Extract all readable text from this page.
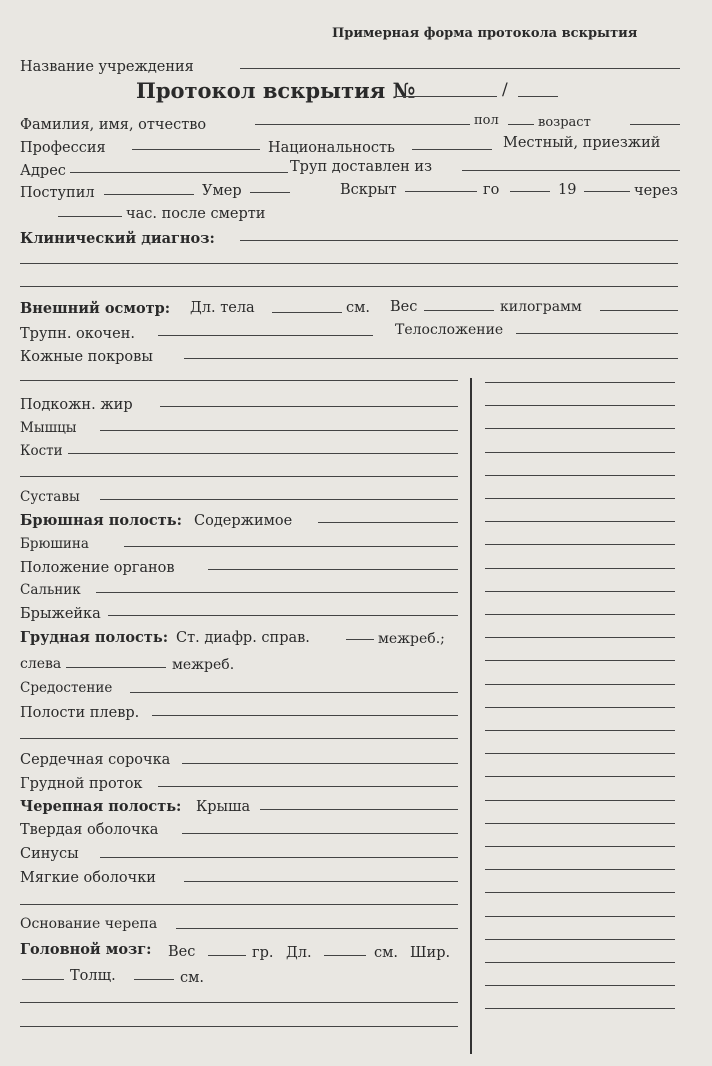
Примерная форма протокола вскрытия
Название учреждения
Протокол вскрытия №	/
Фамилия, имя, отчество	пол	возраст
Профессия	Национальность	Местный, приезжий
Адрес	Труп доставлен из
Поступил	Умер	Вскрыт	го	19	через
час. после смерти
Клинический диагноз:
Внешний осмотр: Дл. тела	см. Вес	килограмм
Трупн. окочен.	Телосложение
Кожные покровы
Подкожн. жир
Мышцы
Кости
Суставы
Брюшная полость: Содержимое
Брюшина
Положение органов
Сальник
Брыжейка
Грудная полость: Ст. диафр. справ.	межреб.;
слева	межреб.
Средостение
Полости плевр.
Сердечная сорочка
Грудной проток
Черепная полость: Крыша
Твердая оболочка
Синусы
Мягкие оболочки
Основание черепа
Головной мозг: Вес	гр. Дл.	см. Шир.
Толщ.	см.
